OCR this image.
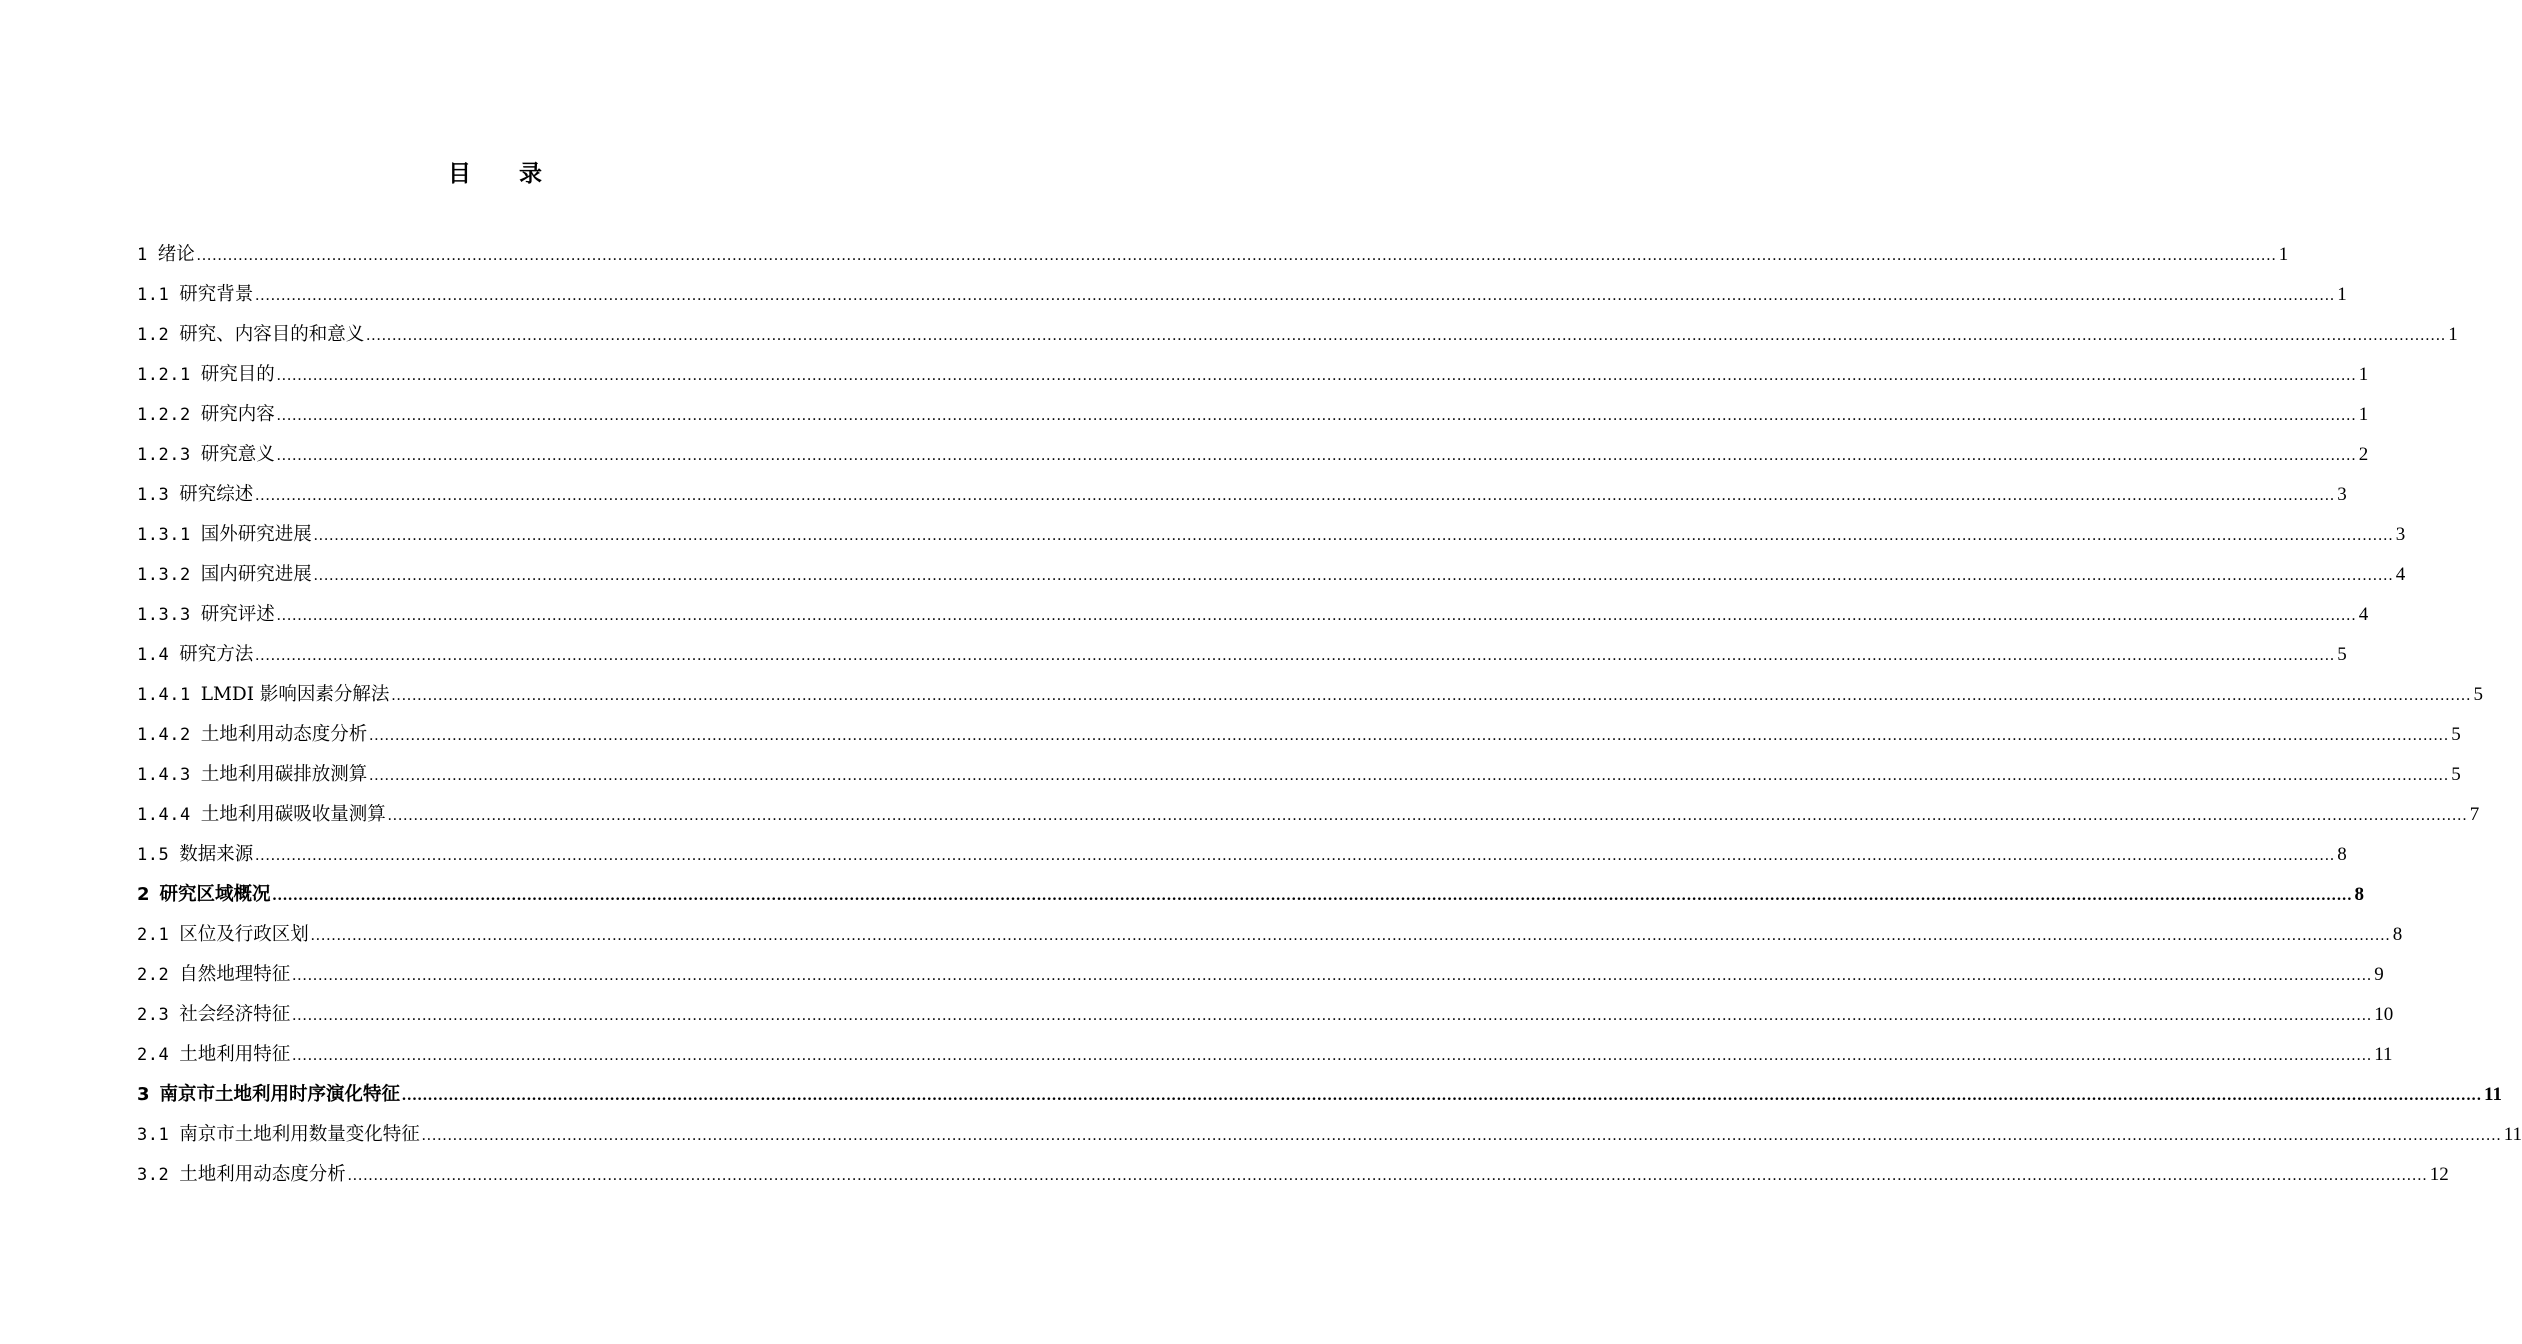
目 录
1 绪论 ................................................................................................................................................................................................................................................................................................................................................................................................................ 1
1.1 研究背景 ................................................................................................................................................................................................................................................................................................................................................................................................................ 1
1.2 研究、内容目的和意义 ................................................................................................................................................................................................................................................................................................................................................................................................................ 1
1.2.1 研究目的 ................................................................................................................................................................................................................................................................................................................................................................................................................ 1
1.2.2 研究内容 ................................................................................................................................................................................................................................................................................................................................................................................................................ 1
1.2.3 研究意义 ................................................................................................................................................................................................................................................................................................................................................................................................................ 2
1.3 研究综述 ................................................................................................................................................................................................................................................................................................................................................................................................................ 3
1.3.1 国外研究进展 ................................................................................................................................................................................................................................................................................................................................................................................................................ 3
1.3.2 国内研究进展 ................................................................................................................................................................................................................................................................................................................................................................................................................ 4
1.3.3 研究评述 ................................................................................................................................................................................................................................................................................................................................................................................................................ 4
1.4 研究方法 ................................................................................................................................................................................................................................................................................................................................................................................................................ 5
1.4.1 LMDI 影响因素分解法 ................................................................................................................................................................................................................................................................................................................................................................................................................ 5
1.4.2 土地利用动态度分析 ................................................................................................................................................................................................................................................................................................................................................................................................................ 5
1.4.3 土地利用碳排放测算 ................................................................................................................................................................................................................................................................................................................................................................................................................ 5
1.4.4 土地利用碳吸收量测算 ................................................................................................................................................................................................................................................................................................................................................................................................................ 7
1.5 数据来源 ................................................................................................................................................................................................................................................................................................................................................................................................................ 8
2 研究区域概况 ................................................................................................................................................................................................................................................................................................................................................................................................................ 8
2.1 区位及行政区划 ................................................................................................................................................................................................................................................................................................................................................................................................................ 8
2.2 自然地理特征 ................................................................................................................................................................................................................................................................................................................................................................................................................ 9
2.3 社会经济特征 ................................................................................................................................................................................................................................................................................................................................................................................................................ 10
2.4 土地利用特征 ................................................................................................................................................................................................................................................................................................................................................................................................................ 11
3 南京市土地利用时序演化特征 ................................................................................................................................................................................................................................................................................................................................................................................................................ 11
3.1 南京市土地利用数量变化特征 ................................................................................................................................................................................................................................................................................................................................................................................................................ 11
3.2 土地利用动态度分析 ................................................................................................................................................................................................................................................................................................................................................................................................................ 12
